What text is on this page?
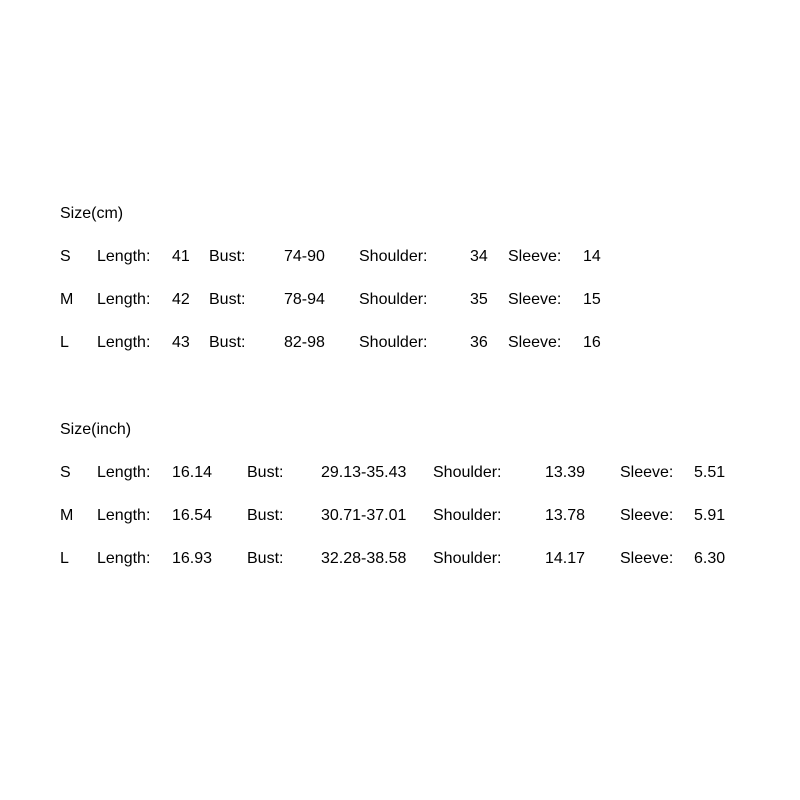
Size(cm)
S Length: 41 Bust: 74-90 Shoulder:	34 Sleeve: 14
M Length: 42 Bust: 78-94 Shoulder:	35 Sleeve: 15
L Length: 43 Bust: 82-98 Shoulder:	36 Sleeve: 16
Size(inch)
S Length: 16.14 Bust: 29.13-35.43 Shoulder:	13.39 Sleeve: 5.51
M Length: 16.54 Bust: 30.71-37.01 Shoulder:	13.78 Sleeve: 5.91
L Length: 16.93 Bust: 32.28-38.58 Shoulder:	14.17 Sleeve: 6.30
